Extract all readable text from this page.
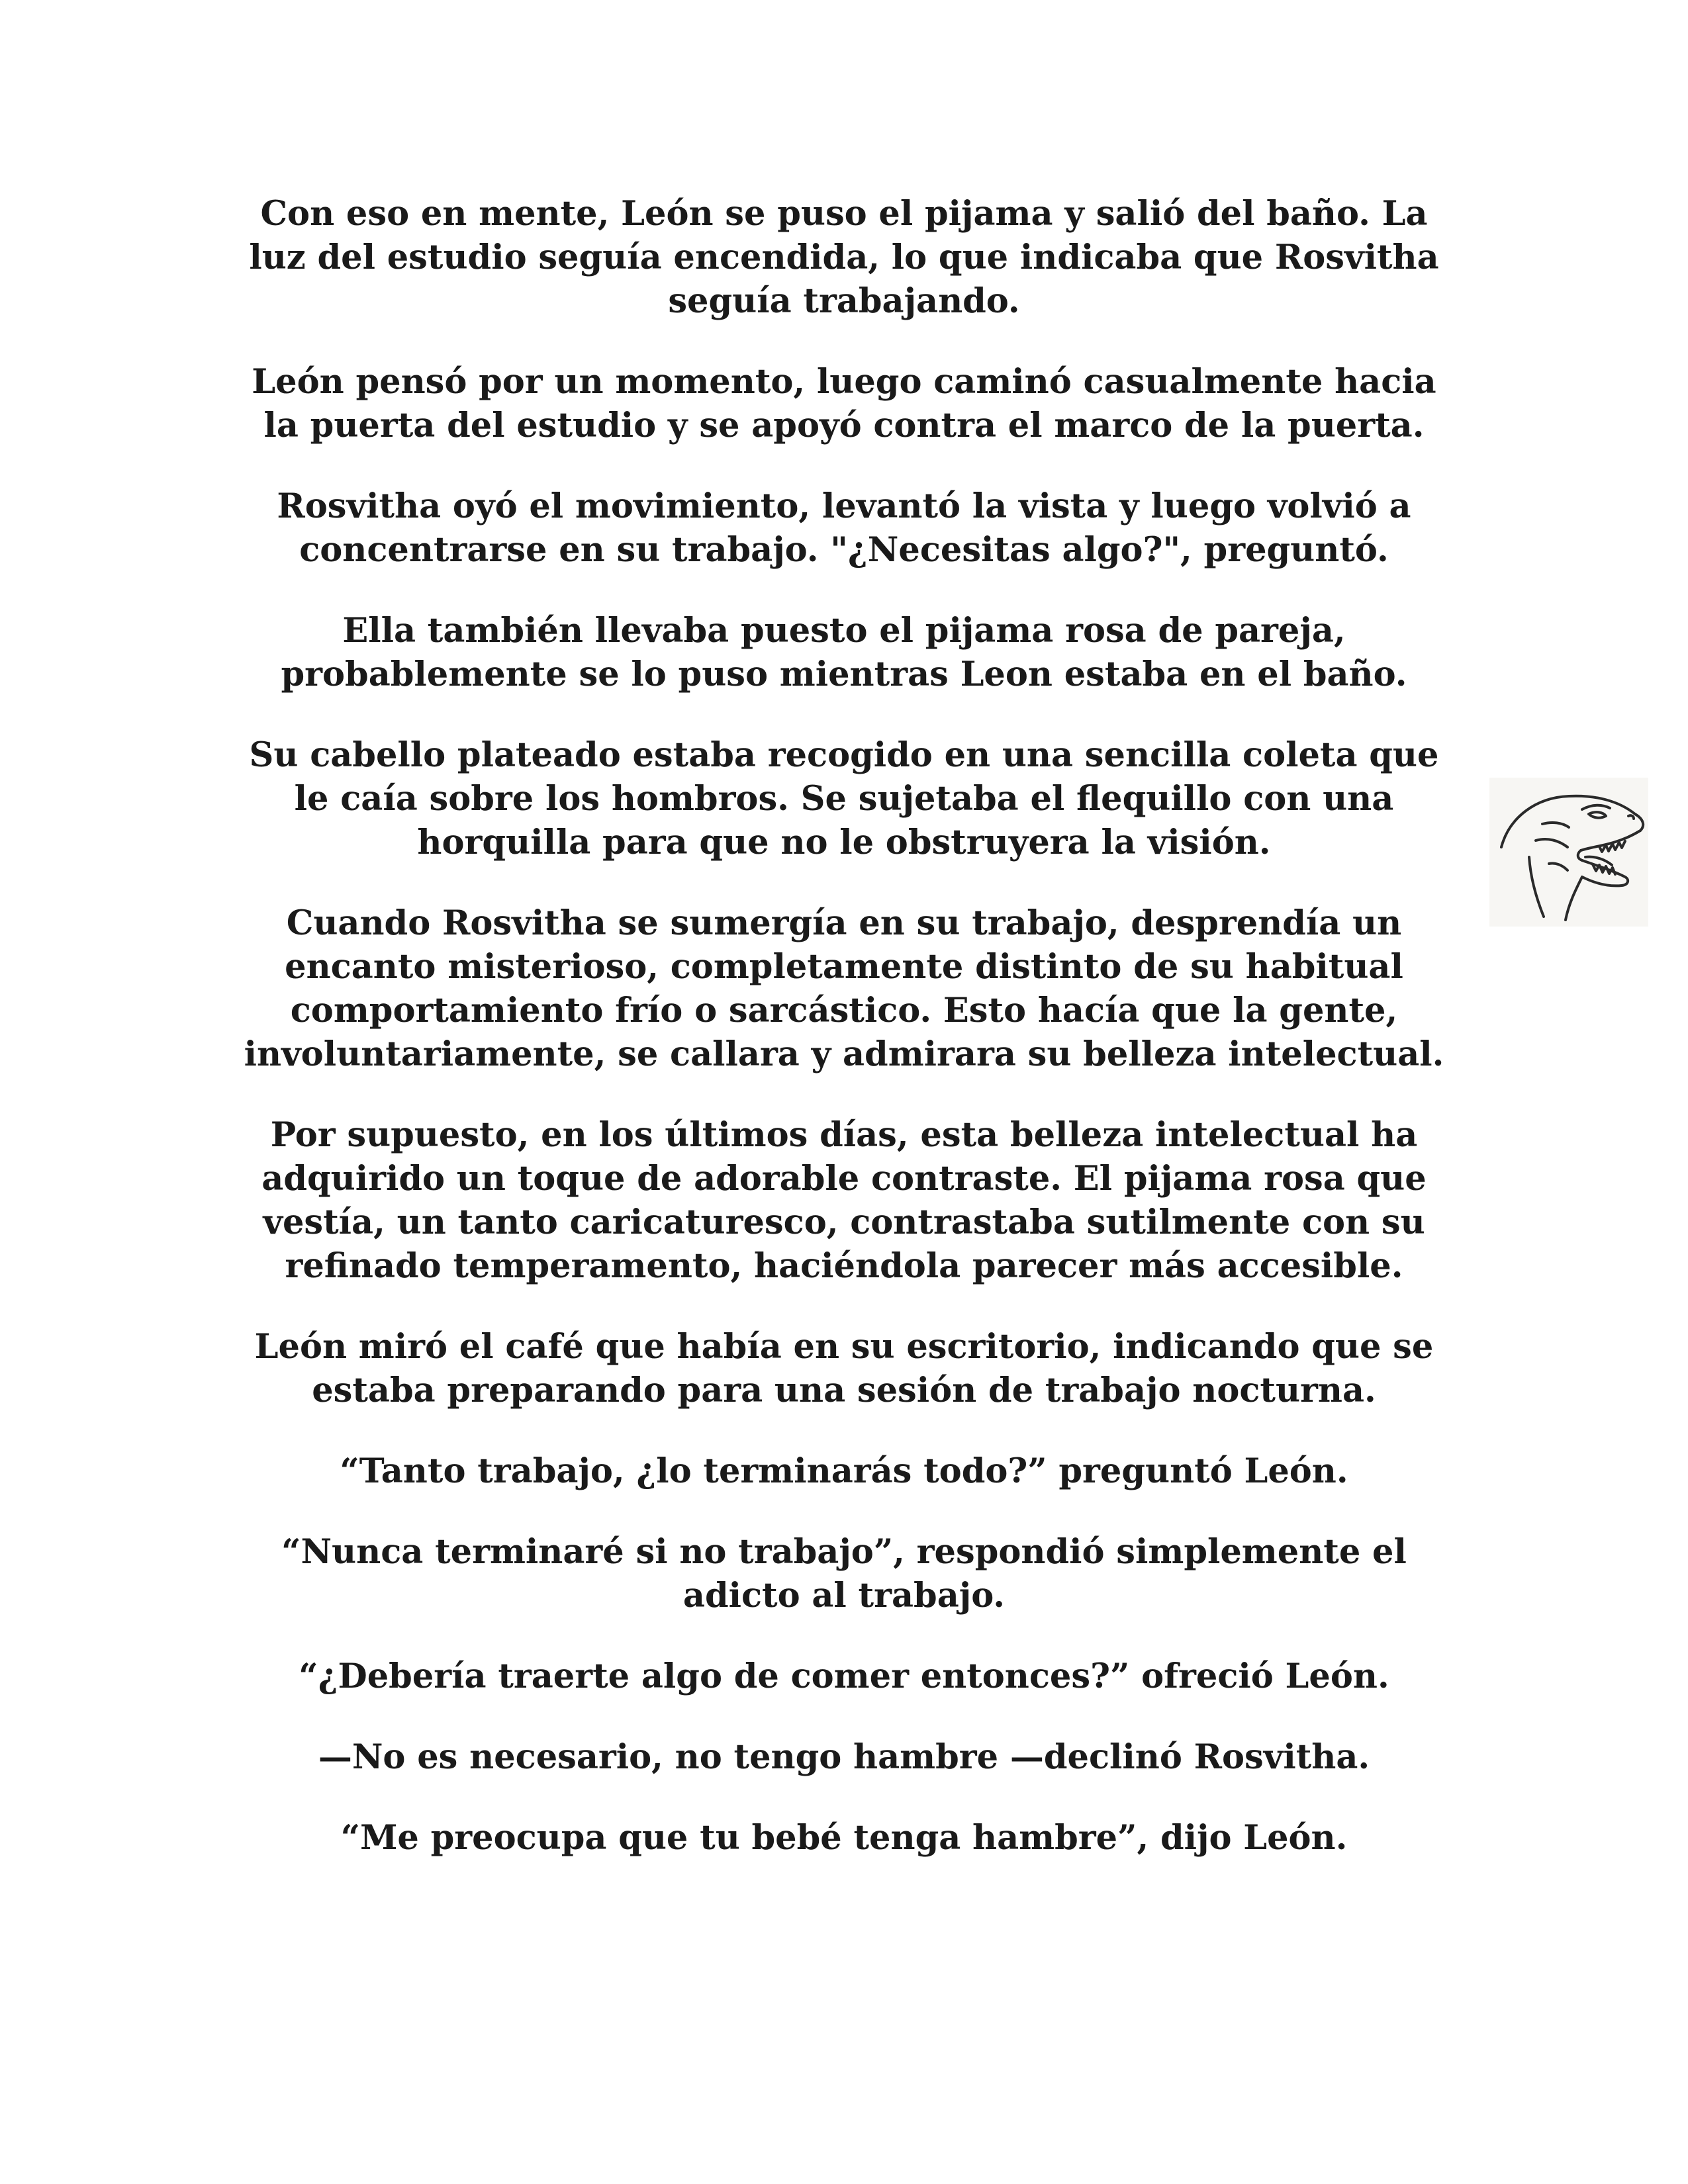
Con eso en mente, León se puso el pijama y salió del baño. La luz del estudio seguía encendida, lo que indicaba que Rosvitha seguía trabajando.

León pensó por un momento, luego caminó casualmente hacia la puerta del estudio y se apoyó contra el marco de la puerta.

Rosvitha oyó el movimiento, levantó la vista y luego volvió a concentrarse en su trabajo. "¿Necesitas algo?", preguntó.

Ella también llevaba puesto el pijama rosa de pareja, probablemente se lo puso mientras Leon estaba en el baño.

Su cabello plateado estaba recogido en una sencilla coleta que le caía sobre los hombros. Se sujetaba el flequillo con una horquilla para que no le obstruyera la visión.

Cuando Rosvitha se sumergía en su trabajo, desprendía un encanto misterioso, completamente distinto de su habitual comportamiento frío o sarcástico. Esto hacía que la gente, involuntariamente, se callara y admirara su belleza intelectual.

Por supuesto, en los últimos días, esta belleza intelectual ha adquirido un toque de adorable contraste. El pijama rosa que vestía, un tanto caricaturesco, contrastaba sutilmente con su refinado temperamento, haciéndola parecer más accesible.

León miró el café que había en su escritorio, indicando que se estaba preparando para una sesión de trabajo nocturna.

“Tanto trabajo, ¿lo terminarás todo?” preguntó León.

“Nunca terminaré si no trabajo”, respondió simplemente el adicto al trabajo.

“¿Debería traerte algo de comer entonces?” ofreció León.

—No es necesario, no tengo hambre —declinó Rosvitha.

“Me preocupa que tu bebé tenga hambre”, dijo León.
